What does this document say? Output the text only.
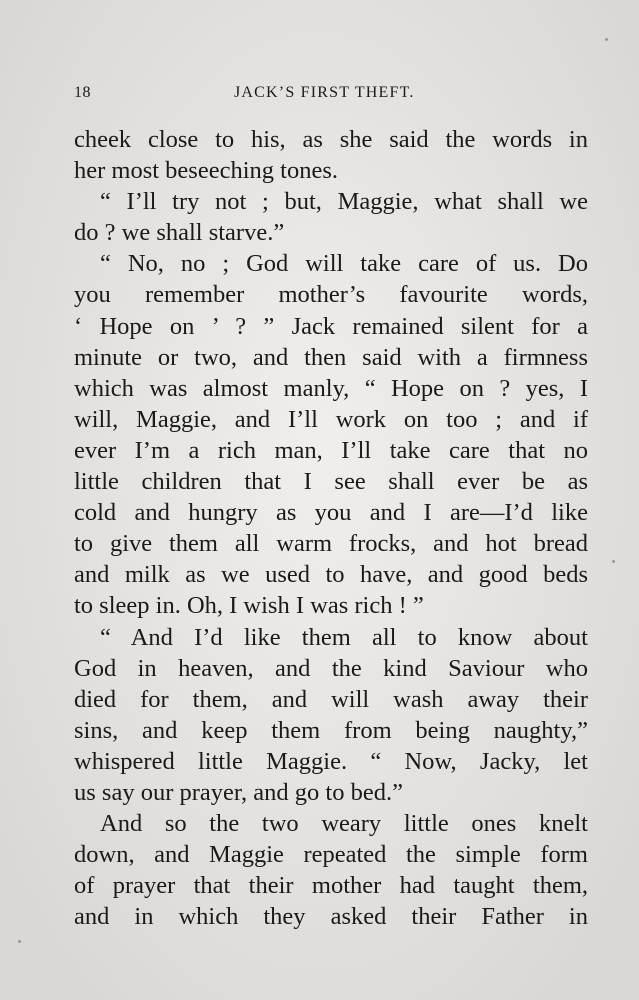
18	JACK’S FIRST THEFT.
cheek close to his, as she said the words in
her most beseeching tones.
“ I’ll try not ; but, Maggie, what shall we
do ? we shall starve.”
“ No, no ; God will take care of us. Do
you remember mother’s favourite words,
‘ Hope on ’ ? ” Jack remained silent for a
minute or two, and then said with a firmness
which was almost manly, “ Hope on ? yes, I
will, Maggie, and I’ll work on too ; and if
ever I’m a rich man, I’ll take care that no
little children that I see shall ever be as
cold and hungry as you and I are—I’d like
to give them all warm frocks, and hot bread
and milk as we used to have, and good beds
to sleep in. Oh, I wish I was rich ! ”
“ And I’d like them all to know about
God in heaven, and the kind Saviour who
died for them, and will wash away their
sins, and keep them from being naughty,”
whispered little Maggie. “ Now, Jacky, let
us say our prayer, and go to bed.”
And so the two weary little ones knelt
down, and Maggie repeated the simple form
of prayer that their mother had taught them,
and in which they asked their Father in
